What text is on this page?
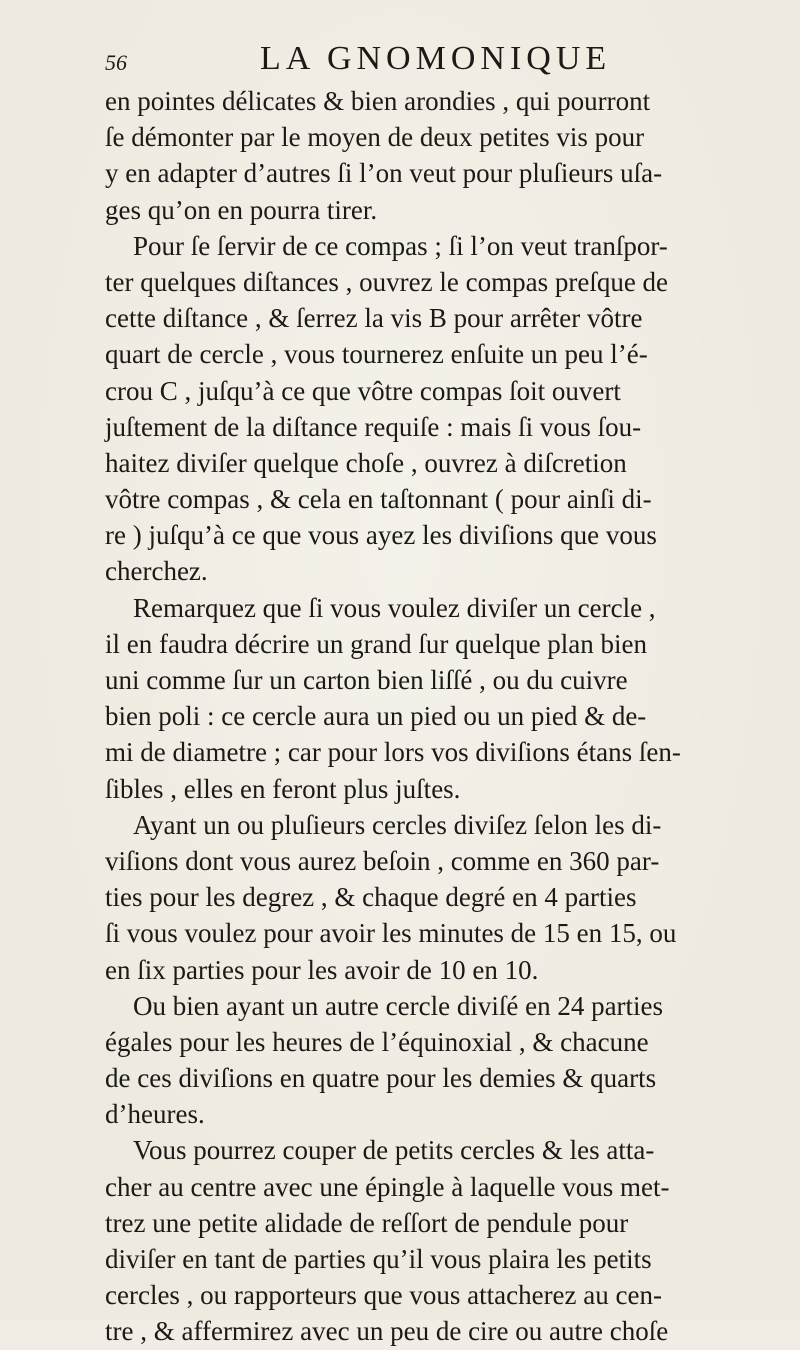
56	LA GNOMONIQUE
en pointes délicates & bien arondies , qui pourront
ſe démonter par le moyen de deux petites vis pour
y en adapter d’autres ſi l’on veut pour pluſieurs uſa-
ges qu’on en pourra tirer.
Pour ſe ſervir de ce compas ; ſi l’on veut tranſpor-
ter quelques diſtances , ouvrez le compas preſque de
cette diſtance , & ſerrez la vis B pour arrêter vôtre
quart de cercle , vous tournerez enſuite un peu l’é-
crou C , juſqu’à ce que vôtre compas ſoit ouvert
juſtement de la diſtance requiſe : mais ſi vous ſou-
haitez diviſer quelque choſe , ouvrez à diſcretion
vôtre compas , & cela en taſtonnant ( pour ainſi di-
re ) juſqu’à ce que vous ayez les diviſions que vous
cherchez.
Remarquez que ſi vous voulez diviſer un cercle ,
il en faudra décrire un grand ſur quelque plan bien
uni comme ſur un carton bien liſſé , ou du cuivre
bien poli : ce cercle aura un pied ou un pied & de-
mi de diametre ; car pour lors vos diviſions étans ſen-
ſibles , elles en feront plus juſtes.
Ayant un ou pluſieurs cercles diviſez ſelon les di-
viſions dont vous aurez beſoin , comme en 360 par-
ties pour les degrez , & chaque degré en 4 parties
ſi vous voulez pour avoir les minutes de 15 en 15, ou
en ſix parties pour les avoir de 10 en 10.
Ou bien ayant un autre cercle diviſé en 24 parties
égales pour les heures de l’équinoxial , & chacune
de ces diviſions en quatre pour les demies & quarts
d’heures.
Vous pourrez couper de petits cercles & les atta-
cher au centre avec une épingle à laquelle vous met-
trez une petite alidade de reſſort de pendule pour
diviſer en tant de parties qu’il vous plaira les petits
cercles , ou rapporteurs que vous attacherez au cen-
tre , & affermirez avec un peu de cire ou autre choſe
